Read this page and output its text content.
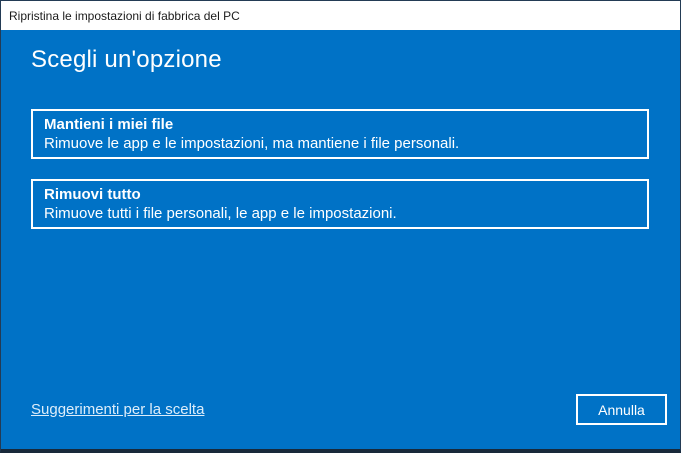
Ripristina le impostazioni di fabbrica del PC
Scegli un'opzione
Mantieni i miei file
Rimuove le app e le impostazioni, ma mantiene i file personali.
Rimuovi tutto
Rimuove tutti i file personali, le app e le impostazioni.
Suggerimenti per la scelta	Annulla
